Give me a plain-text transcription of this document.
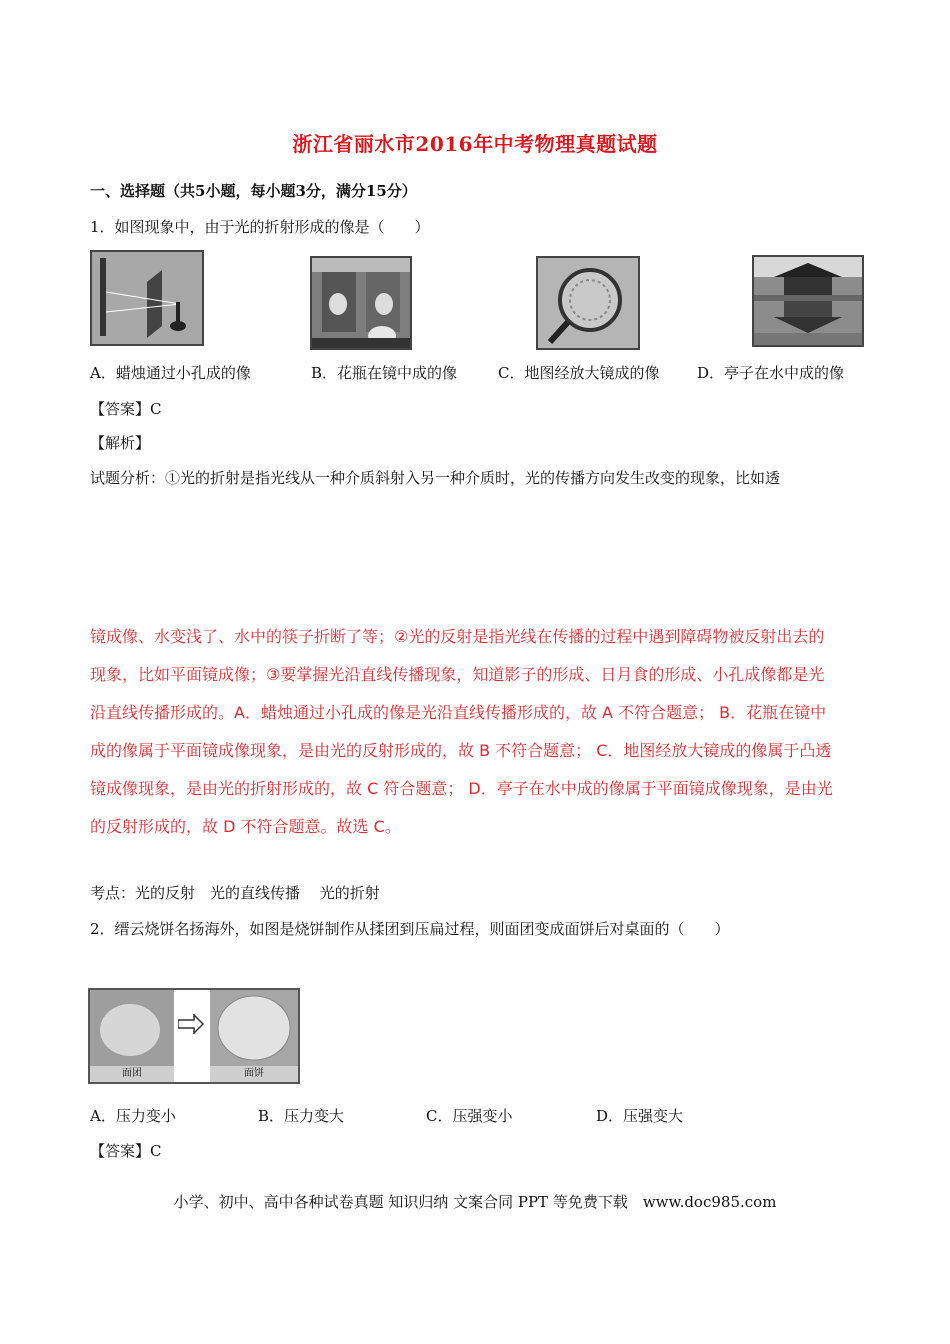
浙江省丽水市2016年中考物理真题试题
一、选择题（共5小题，每小题3分，满分15分）
1．如图现象中，由于光的折射形成的像是（　　）
A．蜡烛通过小孔成的像	B．花瓶在镜中成的像	C．地图经放大镜成的像	D．亭子在水中成的像
【答案】C
【解析】
试题分析：①光的折射是指光线从一种介质斜射入另一种介质时，光的传播方向发生改变的现象，比如透
镜成像、水变浅了、水中的筷子折断了等；②光的反射是指光线在传播的过程中遇到障碍物被反射出去的
现象，比如平面镜成像；③要掌握光沿直线传播现象，知道影子的形成、日月食的形成、小孔成像都是光
沿直线传播形成的。A．蜡烛通过小孔成的像是光沿直线传播形成的，故 A 不符合题意； B．花瓶在镜中
成的像属于平面镜成像现象，是由光的反射形成的，故 B 不符合题意； C．地图经放大镜成的像属于凸透
镜成像现象，是由光的折射形成的，故 C 符合题意； D．亭子在水中成的像属于平面镜成像现象，是由光
的反射形成的，故 D 不符合题意。故选 C。
考点：光的反射　光的直线传播　 光的折射
2．缙云烧饼名扬海外，如图是烧饼制作从揉团到压扁过程，则面团变成面饼后对桌面的（　　）
面团	面饼
A．压力变小	B．压力变大	C．压强变小	D．压强变大
【答案】C
小学、初中、高中各种试卷真题 知识归纳 文案合同 PPT 等免费下载　www.doc985.com
